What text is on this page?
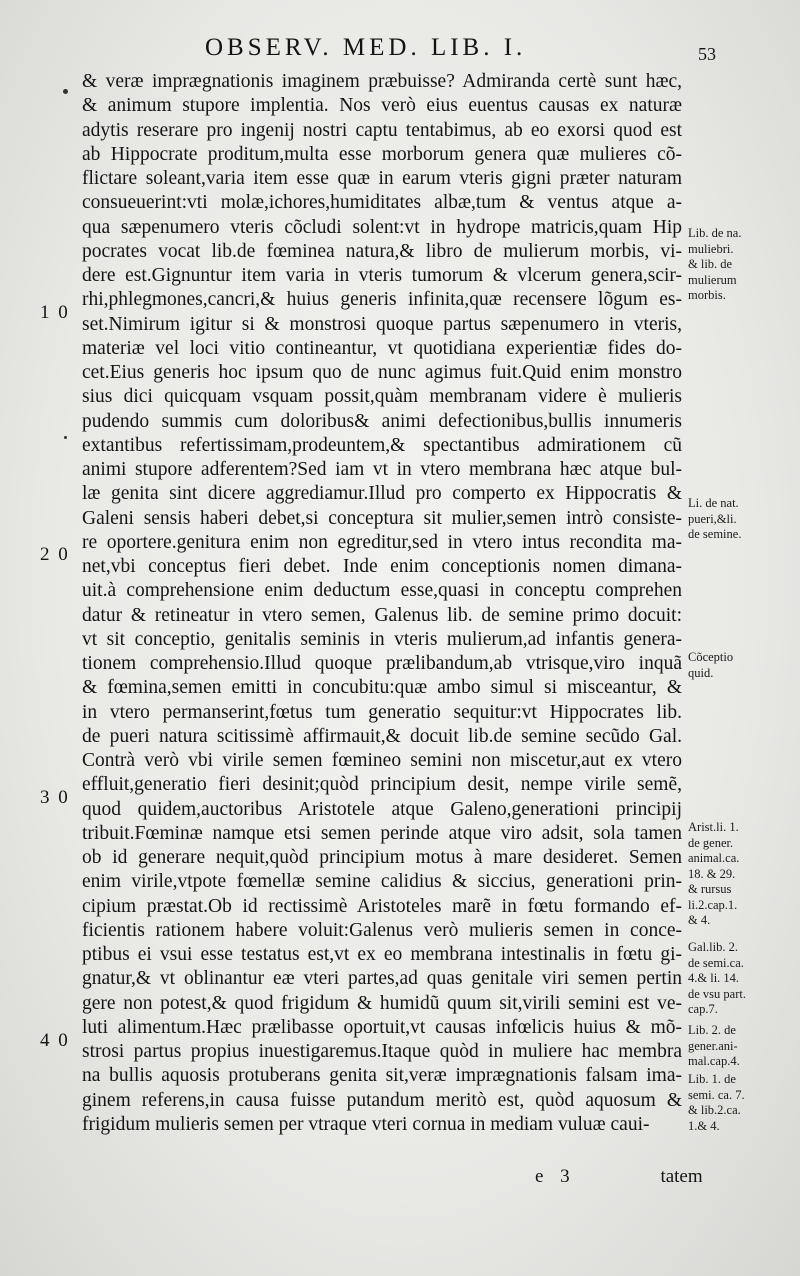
OBSERV. MED. LIB. I.	53
& veræ imprægnationis imaginem præbuisse? Admiranda certè sunt hæc,
& animum stupore implentia. Nos verò eius euentus causas ex naturæ
adytis reserare pro ingenij nostri captu tentabimus, ab eo exorsi quod est
ab Hippocrate proditum,multa esse morborum genera quæ mulieres cõ-
flictare soleant,varia item esse quæ in earum vteris gigni præter naturam
consueuerint:vti molæ,ichores,humiditates albæ,tum & ventus atque a-
qua sæpenumero vteris cõcludi solent:vt in hydrope matricis,quam Hip
pocrates vocat lib.de fœminea natura,& libro de mulierum morbis, vi-
dere est.Gignuntur item varia in vteris tumorum & vlcerum genera,scir-
rhi,phlegmones,cancri,& huius generis infinita,quæ recensere lõgum es-
set.Nimirum igitur si & monstrosi quoque partus sæpenumero in vteris,
materiæ vel loci vitio contineantur, vt quotidiana experientiæ fides do-
cet.Eius generis hoc ipsum quo de nunc agimus fuit.Quid enim monstro
sius dici quicquam vsquam possit,quàm membranam videre è mulieris
pudendo summis cum doloribus& animi defectionibus,bullis innumeris
extantibus refertissimam,prodeuntem,& spectantibus admirationem cũ
animi stupore adferentem?Sed iam vt in vtero membrana hæc atque bul-
læ genita sint dicere aggrediamur.Illud pro comperto ex Hippocratis &
Galeni sensis haberi debet,si conceptura sit mulier,semen intrò consiste-
re oportere.genitura enim non egreditur,sed in vtero intus recondita ma-
net,vbi conceptus fieri debet. Inde enim conceptionis nomen dimana-
uit.à comprehensione enim deductum esse,quasi in conceptu comprehen
datur & retineatur in vtero semen, Galenus lib. de semine primo docuit:
vt sit conceptio, genitalis seminis in vteris mulierum,ad infantis genera-
tionem comprehensio.Illud quoque prælibandum,ab vtrisque,viro inquã
& fœmina,semen emitti in concubitu:quæ ambo simul si misceantur, &
in vtero permanserint,fœtus tum generatio sequitur:vt Hippocrates lib.
de pueri natura scitissimè affirmauit,& docuit lib.de semine secũdo Gal.
Contrà verò vbi virile semen fœmineo semini non miscetur,aut ex vtero
effluit,generatio fieri desinit;quòd principium desit, nempe virile semẽ,
quod quidem,auctoribus Aristotele atque Galeno,generationi principij
tribuit.Fœminæ namque etsi semen perinde atque viro adsit, sola tamen
ob id generare nequit,quòd principium motus à mare desideret. Semen
enim virile,vtpote fœmellæ semine calidius & siccius, generationi prin-
cipium præstat.Ob id rectissimè Aristoteles marẽ in fœtu formando ef-
ficientis rationem habere voluit:Galenus verò mulieris semen in conce-
ptibus ei vsui esse testatus est,vt ex eo membrana intestinalis in fœtu gi-
gnatur,& vt oblinantur eæ vteri partes,ad quas genitale viri semen pertin
gere non potest,& quod frigidum & humidũ quum sit,virili semini est ve-
luti alimentum.Hæc prælibasse oportuit,vt causas infœlicis huius & mõ-
strosi partus propius inuestigaremus.Itaque quòd in muliere hac membra
na bullis aquosis protuberans genita sit,veræ imprægnationis falsam ima-
ginem referens,in causa fuisse putandum meritò est, quòd aquosum &
frigidum mulieris semen per vtraque vteri cornua in mediam vuluæ caui-
1 0
2 0
3 0
4 0
Lib. de na.
muliebri.
& lib. de
mulierum
morbis.
Li. de nat.
pueri,&li.
de semine.
Cõceptio
quid.
Arist.li. 1.
de gener.
animal.ca.
18. & 29.
& rursus
li.2.cap.1.
& 4.
Gal.lib. 2.
de semi.ca.
4.& li. 14.
de vsu part.
cap.7.
Lib. 2. de
gener.ani-
mal.cap.4.
Lib. 1. de
semi. ca. 7.
& lib.2.ca.
1.& 4.
e 3	tatem
